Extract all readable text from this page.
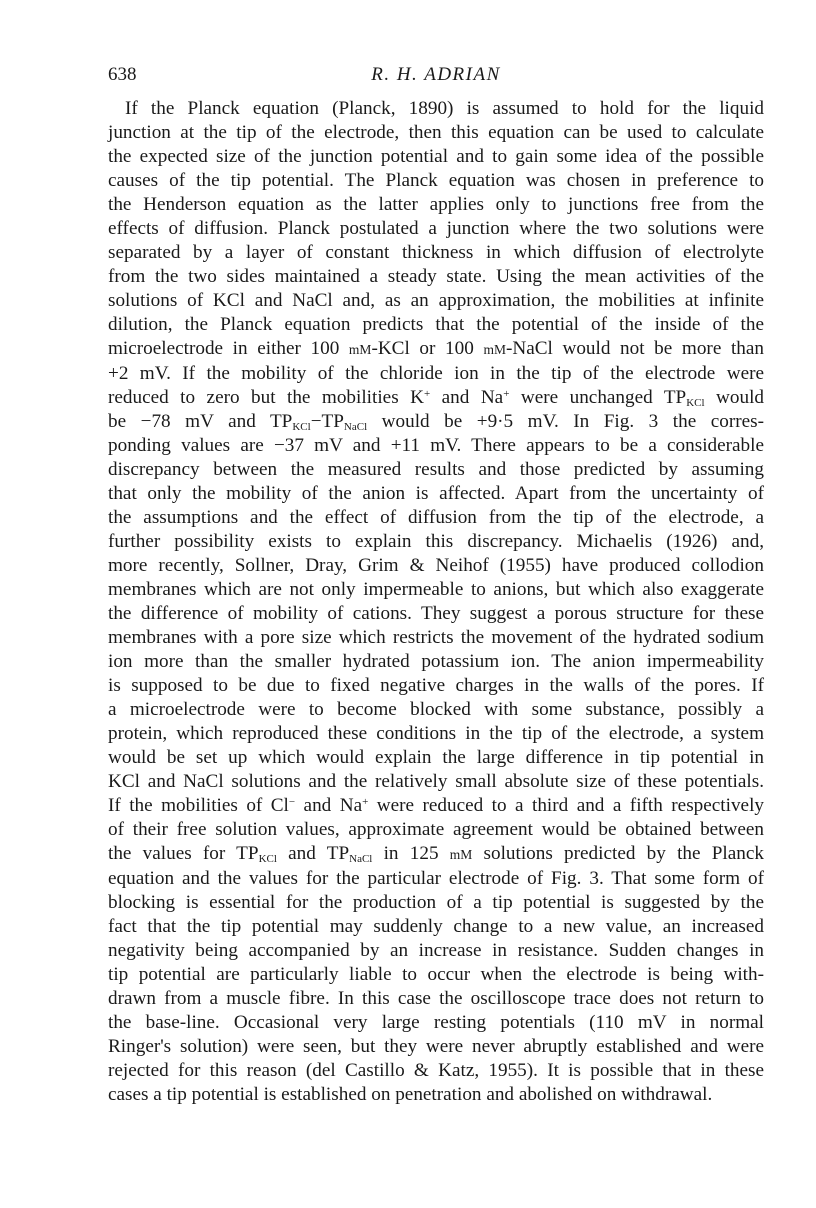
638	R. H. ADRIAN
If the Planck equation (Planck, 1890) is assumed to hold for the liquid
junction at the tip of the electrode, then this equation can be used to calculate
the expected size of the junction potential and to gain some idea of the possible
causes of the tip potential. The Planck equation was chosen in preference to
the Henderson equation as the latter applies only to junctions free from the
effects of diffusion. Planck postulated a junction where the two solutions were
separated by a layer of constant thickness in which diffusion of electrolyte
from the two sides maintained a steady state. Using the mean activities of the
solutions of KCl and NaCl and, as an approximation, the mobilities at infinite
dilution, the Planck equation predicts that the potential of the inside of the
microelectrode in either 100 mM-KCl or 100 mM-NaCl would not be more than
+2 mV. If the mobility of the chloride ion in the tip of the electrode were
reduced to zero but the mobilities K+ and Na+ were unchanged $TP_{KCl}$ would
be −78 mV and $TP_{KCl}-TP_{NaCl}$ would be +9·5 mV. In Fig. 3 the corres-
ponding values are −37 mV and +11 mV. There appears to be a considerable
discrepancy between the measured results and those predicted by assuming
that only the mobility of the anion is affected. Apart from the uncertainty of
the assumptions and the effect of diffusion from the tip of the electrode, a
further possibility exists to explain this discrepancy. Michaelis (1926) and,
more recently, Sollner, Dray, Grim & Neihof (1955) have produced collodion
membranes which are not only impermeable to anions, but which also exaggerate
the difference of mobility of cations. They suggest a porous structure for these
membranes with a pore size which restricts the movement of the hydrated sodium
ion more than the smaller hydrated potassium ion. The anion impermeability
is supposed to be due to fixed negative charges in the walls of the pores. If
a microelectrode were to become blocked with some substance, possibly a
protein, which reproduced these conditions in the tip of the electrode, a system
would be set up which would explain the large difference in tip potential in
KCl and NaCl solutions and the relatively small absolute size of these potentials.
If the mobilities of Cl− and Na+ were reduced to a third and a fifth respectively
of their free solution values, approximate agreement would be obtained between
the values for $TP_{KCl}$ and $TP_{NaCl}$ in 125 mM solutions predicted by the Planck
equation and the values for the particular electrode of Fig. 3. That some form of
blocking is essential for the production of a tip potential is suggested by the
fact that the tip potential may suddenly change to a new value, an increased
negativity being accompanied by an increase in resistance. Sudden changes in
tip potential are particularly liable to occur when the electrode is being with-
drawn from a muscle fibre. In this case the oscilloscope trace does not return to
the base-line. Occasional very large resting potentials (110 mV in normal
Ringer's solution) were seen, but they were never abruptly established and were
rejected for this reason (del Castillo & Katz, 1955). It is possible that in these
cases a tip potential is established on penetration and abolished on withdrawal.
